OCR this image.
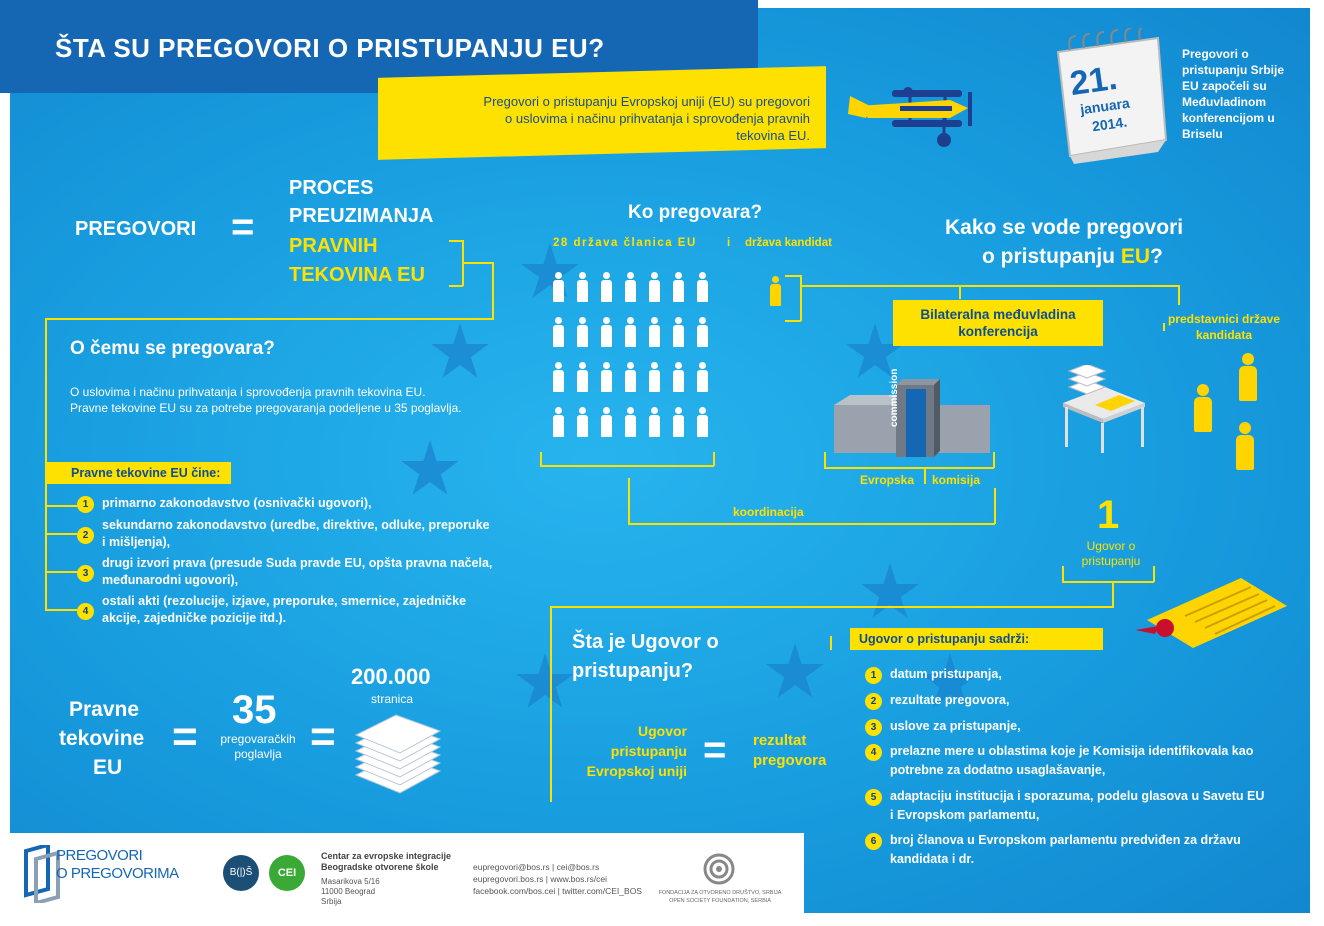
ŠTA SU PREGOVORI O PRISTUPANJU EU?
Pregovori o pristupanju Evropskoj uniji (EU) su pregovori o uslovima i načinu prihvatanja i sprovođenja pravnih tekovina EU.
21.
januara
2014.
Pregovori o pristupanju Srbije EU započeli su Međuvladinom konferencijom u Briselu
PREGOVORI =
PROCES
PREUZIMANJA
PRAVNIH
TEKOVINA EU
O čemu se pregovara?
O uslovima i načinu prihvatanja i sprovođenja pravnih tekovina EU. Pravne tekovine EU su za potrebe pregovaranja podeljene u 35 poglavlja.
Pravne tekovine EU čine:
1	primarno zakonodavstvo (osnivački ugovori),
2
sekundarno zakonodavstvo (uredbe, direktive, odluke, preporuke i mišljenja),
3
drugi izvori prava (presude Suda pravde EU, opšta pravna načela, međunarodni ugovori),
4
ostali akti (rezolucije, izjave, preporuke, smernice, zajedničke akcije, zajedničke pozicije itd.).
Pravne
tekovine
EU
=
35
pregovaračkih poglavlja =
200.000
stranica
Ko pregovara?
28 država članica EU	i država kandidat
koordinacija
Kako se vode pregovori
o pristupanju EU?
Bilateralna međuvladina konferencija
predstavnici države kandidata
commission
Evropska komisija
1
Ugovor o pristupanju
Šta je Ugovor o pristupanju?
Ugovor pristupanju Evropskoj uniji = rezultat pregovora
Ugovor o pristupanju sadrži:
1	datum pristupanja,
2	rezultate pregovora,
3	uslove za pristupanje,
4	prelazne mere u oblastima koje je Komisija identifikovala kao potrebne za dodatno usaglašavanje,
5	adaptaciju institucija i sporazuma, podelu glasova u Savetu EU i Evropskom parlamentu,
6	broj članova u Evropskom parlamentu predviđen za državu kandidata i dr.
PREGOVORI
O PREGOVORIMA	B(|)Š	CEI
Centar za evropske integracije
Beogradske otvorene škole
Masarikova 5/16
11000 Beograd
Srbija
eupregovori@bos.rs | cei@bos.rs
eupregovori.bos.rs | www.bos.rs/cei
facebook.com/bos.cei | twitter.com/CEI_BOS	FONDACIJA ZA OTVORENO DRUŠTVO, SRBIJA
OPEN SOCIETY FOUNDATION, SERBIA
